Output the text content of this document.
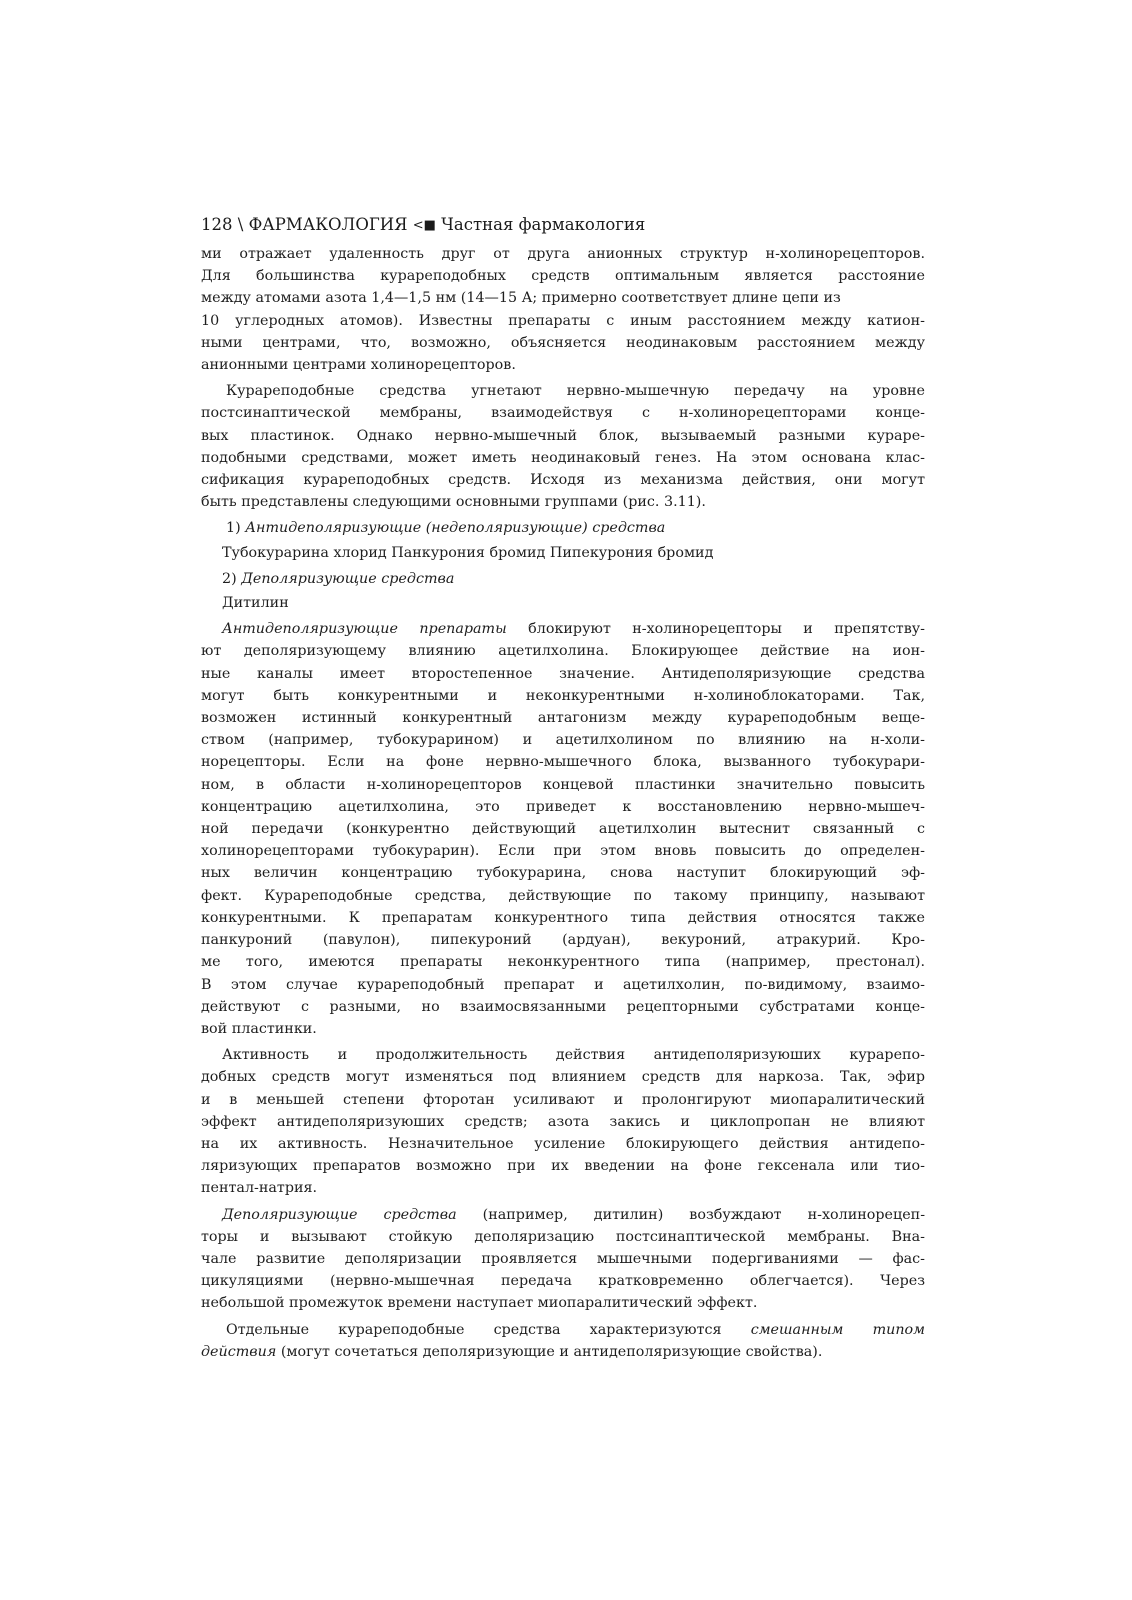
128 \ ФАРМАКОЛОГИЯ <■ Частная фармакология
ми отражает удаленность друг от друга анионных структур н-холинорецепторов.
Для большинства курареподобных средств оптимальным является расстояние
между атомами азота 1,4—1,5 нм (14—15 А; примерно соответствует длине цепи из
10 углеродных атомов). Известны препараты с иным расстоянием между катион-
ными центрами, что, возможно, объясняется неодинаковым расстоянием между
анионными центрами холинорецепторов.
Курареподобные средства угнетают нервно-мышечную передачу на уровне
постсинаптической мембраны, взаимодействуя с н-холинорецепторами конце-
вых пластинок. Однако нервно-мышечный блок, вызываемый разными курарe-
подобными средствами, может иметь неодинаковый генез. На этом основана клас-
сификация курареподобных средств. Исходя из механизма действия, они могут
быть представлены следующими основными группами (рис. 3.11).
1) Антидеполяризующие (недеполяризующие) средства
Тубокурарина хлорид Панкурония бромид Пипекурония бромид
2) Деполяризующие средства
Дитилин
Антидеполяризующие препараты блокируют н-холинорецепторы и препятству-
ют деполяризующему влиянию ацетилхолина. Блокирующее действие на ион-
ные каналы имеет второстепенное значение. Антидеполяризующие средства
могут быть конкурентными и неконкурентными н-холиноблокаторами. Так,
возможен истинный конкурентный антагонизм между курареподобным веще-
ством (например, тубокурарином) и ацетилхолином по влиянию на н-холи-
норецепторы. Если на фоне нервно-мышечного блока, вызванного тубокурари-
ном, в области н-холинорецепторов концевой пластинки значительно повысить
концентрацию ацетилхолина, это приведет к восстановлению нервно-мышеч-
ной передачи (конкурентно действующий ацетилхолин вытеснит связанный с
холинорецепторами тубокурарин). Если при этом вновь повысить до определен-
ных величин концентрацию тубокурарина, снова наступит блокирующий эф-
фект. Курареподобные средства, действующие по такому принципу, называют
конкурентными. К препаратам конкурентного типа действия относятся также
панкуроний (павулон), пипекуроний (ардуан), векуроний, атракурий. Кро-
ме того, имеются препараты неконкурентного типа (например, престонал).
В этом случае курареподобный препарат и ацетилхолин, по-видимому, взаимо-
действуют с разными, но взаимосвязанными рецепторными субстратами конце-
вой пластинки.
Активность и продолжительность действия антидеполяризуюших курарепо-
добных средств могут изменяться под влиянием средств для наркоза. Так, эфир
и в меньшей степени фторотан усиливают и пролонгируют миопаралитический
эффект антидеполяризуюших средств; азота закись и циклопропан не влияют
на их активность. Незначительное усиление блокирующего действия антидепо-
ляризующих препаратов возможно при их введении на фоне гексенала или тио-
пентал-натрия.
Деполяризующие средства (например, дитилин) возбуждают н-холинорецеп-
торы и вызывают стойкую деполяризацию постсинаптической мембраны. Вна-
чале развитие деполяризации проявляется мышечными подергиваниями — фас-
цикуляциями (нервно-мышечная передача кратковременно облегчается). Через
небольшой промежуток времени наступает миопаралитический эффект.
Отдельные курареподобные средства характеризуются смешанным типом
действия (могут сочетаться деполяризующие и антидеполяризующие свойства).
